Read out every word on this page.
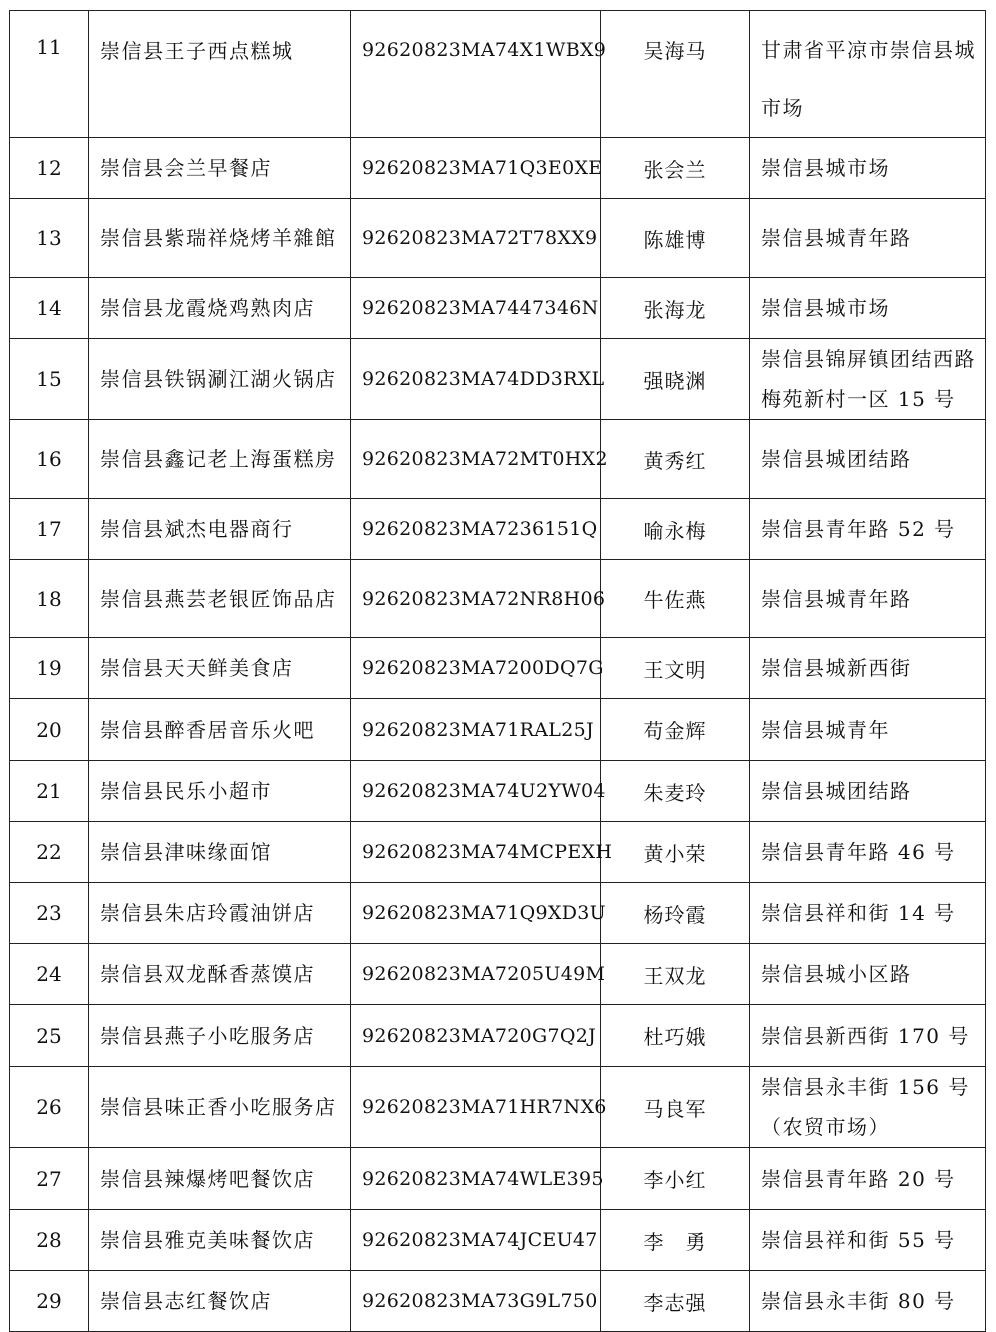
11	崇信县王子西点糕城	92620823MA74X1WBX9	吴海马	甘肃省平凉市崇信县城市场
12	崇信县会兰早餐店	92620823MA71Q3E0XE	张会兰	崇信县城市场
13	崇信县紫瑞祥烧烤羊雜館	92620823MA72T78XX9	陈雄博	崇信县城青年路
14	崇信县龙霞烧鸡熟肉店	92620823MA7447346N	张海龙	崇信县城市场
15	崇信县铁锅涮江湖火锅店	92620823MA74DD3RXL	强晓渊	崇信县锦屏镇团结西路梅苑新村一区 15 号
16	崇信县鑫记老上海蛋糕房	92620823MA72MT0HX2	黄秀红	崇信县城团结路
17	崇信县斌杰电器商行	92620823MA7236151Q	喻永梅	崇信县青年路 52 号
18	崇信县燕芸老银匠饰品店	92620823MA72NR8H06	牛佐燕	崇信县城青年路
19	崇信县天天鲜美食店	92620823MA7200DQ7G	王文明	崇信县城新西街
20	崇信县醉香居音乐火吧	92620823MA71RAL25J	苟金辉	崇信县城青年
21	崇信县民乐小超市	92620823MA74U2YW04	朱麦玲	崇信县城团结路
22	崇信县津味缘面馆	92620823MA74MCPEXH	黄小荣	崇信县青年路 46 号
23	崇信县朱店玲霞油饼店	92620823MA71Q9XD3U	杨玲霞	崇信县祥和街 14 号
24	崇信县双龙酥香蒸馍店	92620823MA7205U49M	王双龙	崇信县城小区路
25	崇信县燕子小吃服务店	92620823MA720G7Q2J	杜巧娥	崇信县新西街 170 号
26	崇信县味正香小吃服务店	92620823MA71HR7NX6	马良军	崇信县永丰街 156 号（农贸市场）
27	崇信县辣爆烤吧餐饮店	92620823MA74WLE395	李小红	崇信县青年路 20 号
28	崇信县雅克美味餐饮店	92620823MA74JCEU47	李　勇	崇信县祥和街 55 号
29	崇信县志红餐饮店	92620823MA73G9L750	李志强	崇信县永丰街 80 号
